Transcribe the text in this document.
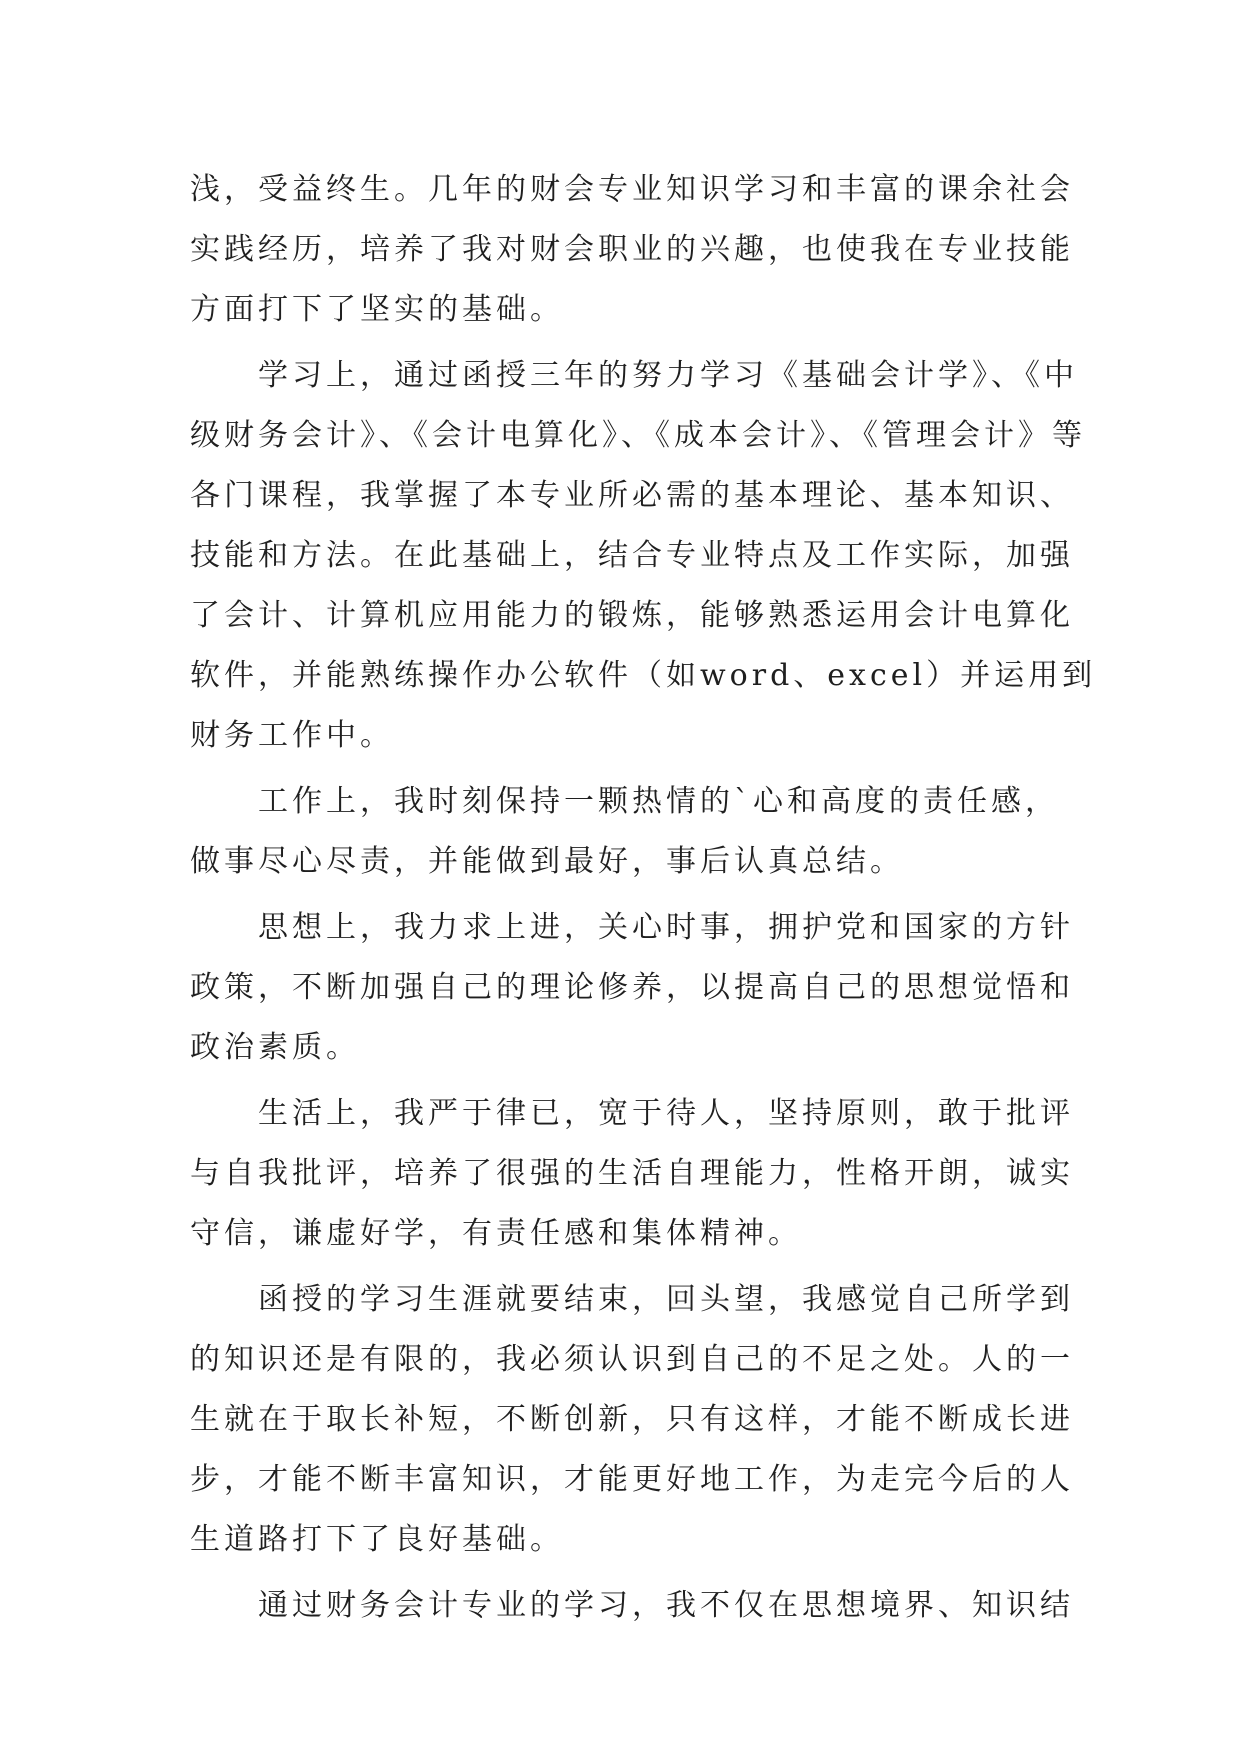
浅，受益终生。几年的财会专业知识学习和丰富的课余社会
实践经历，培养了我对财会职业的兴趣，也使我在专业技能
方面打下了坚实的基础。
　　学习上，通过函授三年的努力学习《基础会计学》、《中
级财务会计》、《会计电算化》、《成本会计》、《管理会计》等
各门课程，我掌握了本专业所必需的基本理论、基本知识、
技能和方法。在此基础上，结合专业特点及工作实际，加强
了会计、计算机应用能力的锻炼，能够熟悉运用会计电算化
软件，并能熟练操作办公软件（如word、excel）并运用到
财务工作中。
　　工作上，我时刻保持一颗热情的`心和高度的责任感，
做事尽心尽责，并能做到最好，事后认真总结。
　　思想上，我力求上进，关心时事，拥护党和国家的方针
政策，不断加强自己的理论修养，以提高自己的思想觉悟和
政治素质。
　　生活上，我严于律已，宽于待人，坚持原则，敢于批评
与自我批评，培养了很强的生活自理能力，性格开朗，诚实
守信，谦虚好学，有责任感和集体精神。
　　函授的学习生涯就要结束，回头望，我感觉自己所学到
的知识还是有限的，我必须认识到自己的不足之处。人的一
生就在于取长补短，不断创新，只有这样，才能不断成长进
步，才能不断丰富知识，才能更好地工作，为走完今后的人
生道路打下了良好基础。
　　通过财务会计专业的学习，我不仅在思想境界、知识结
